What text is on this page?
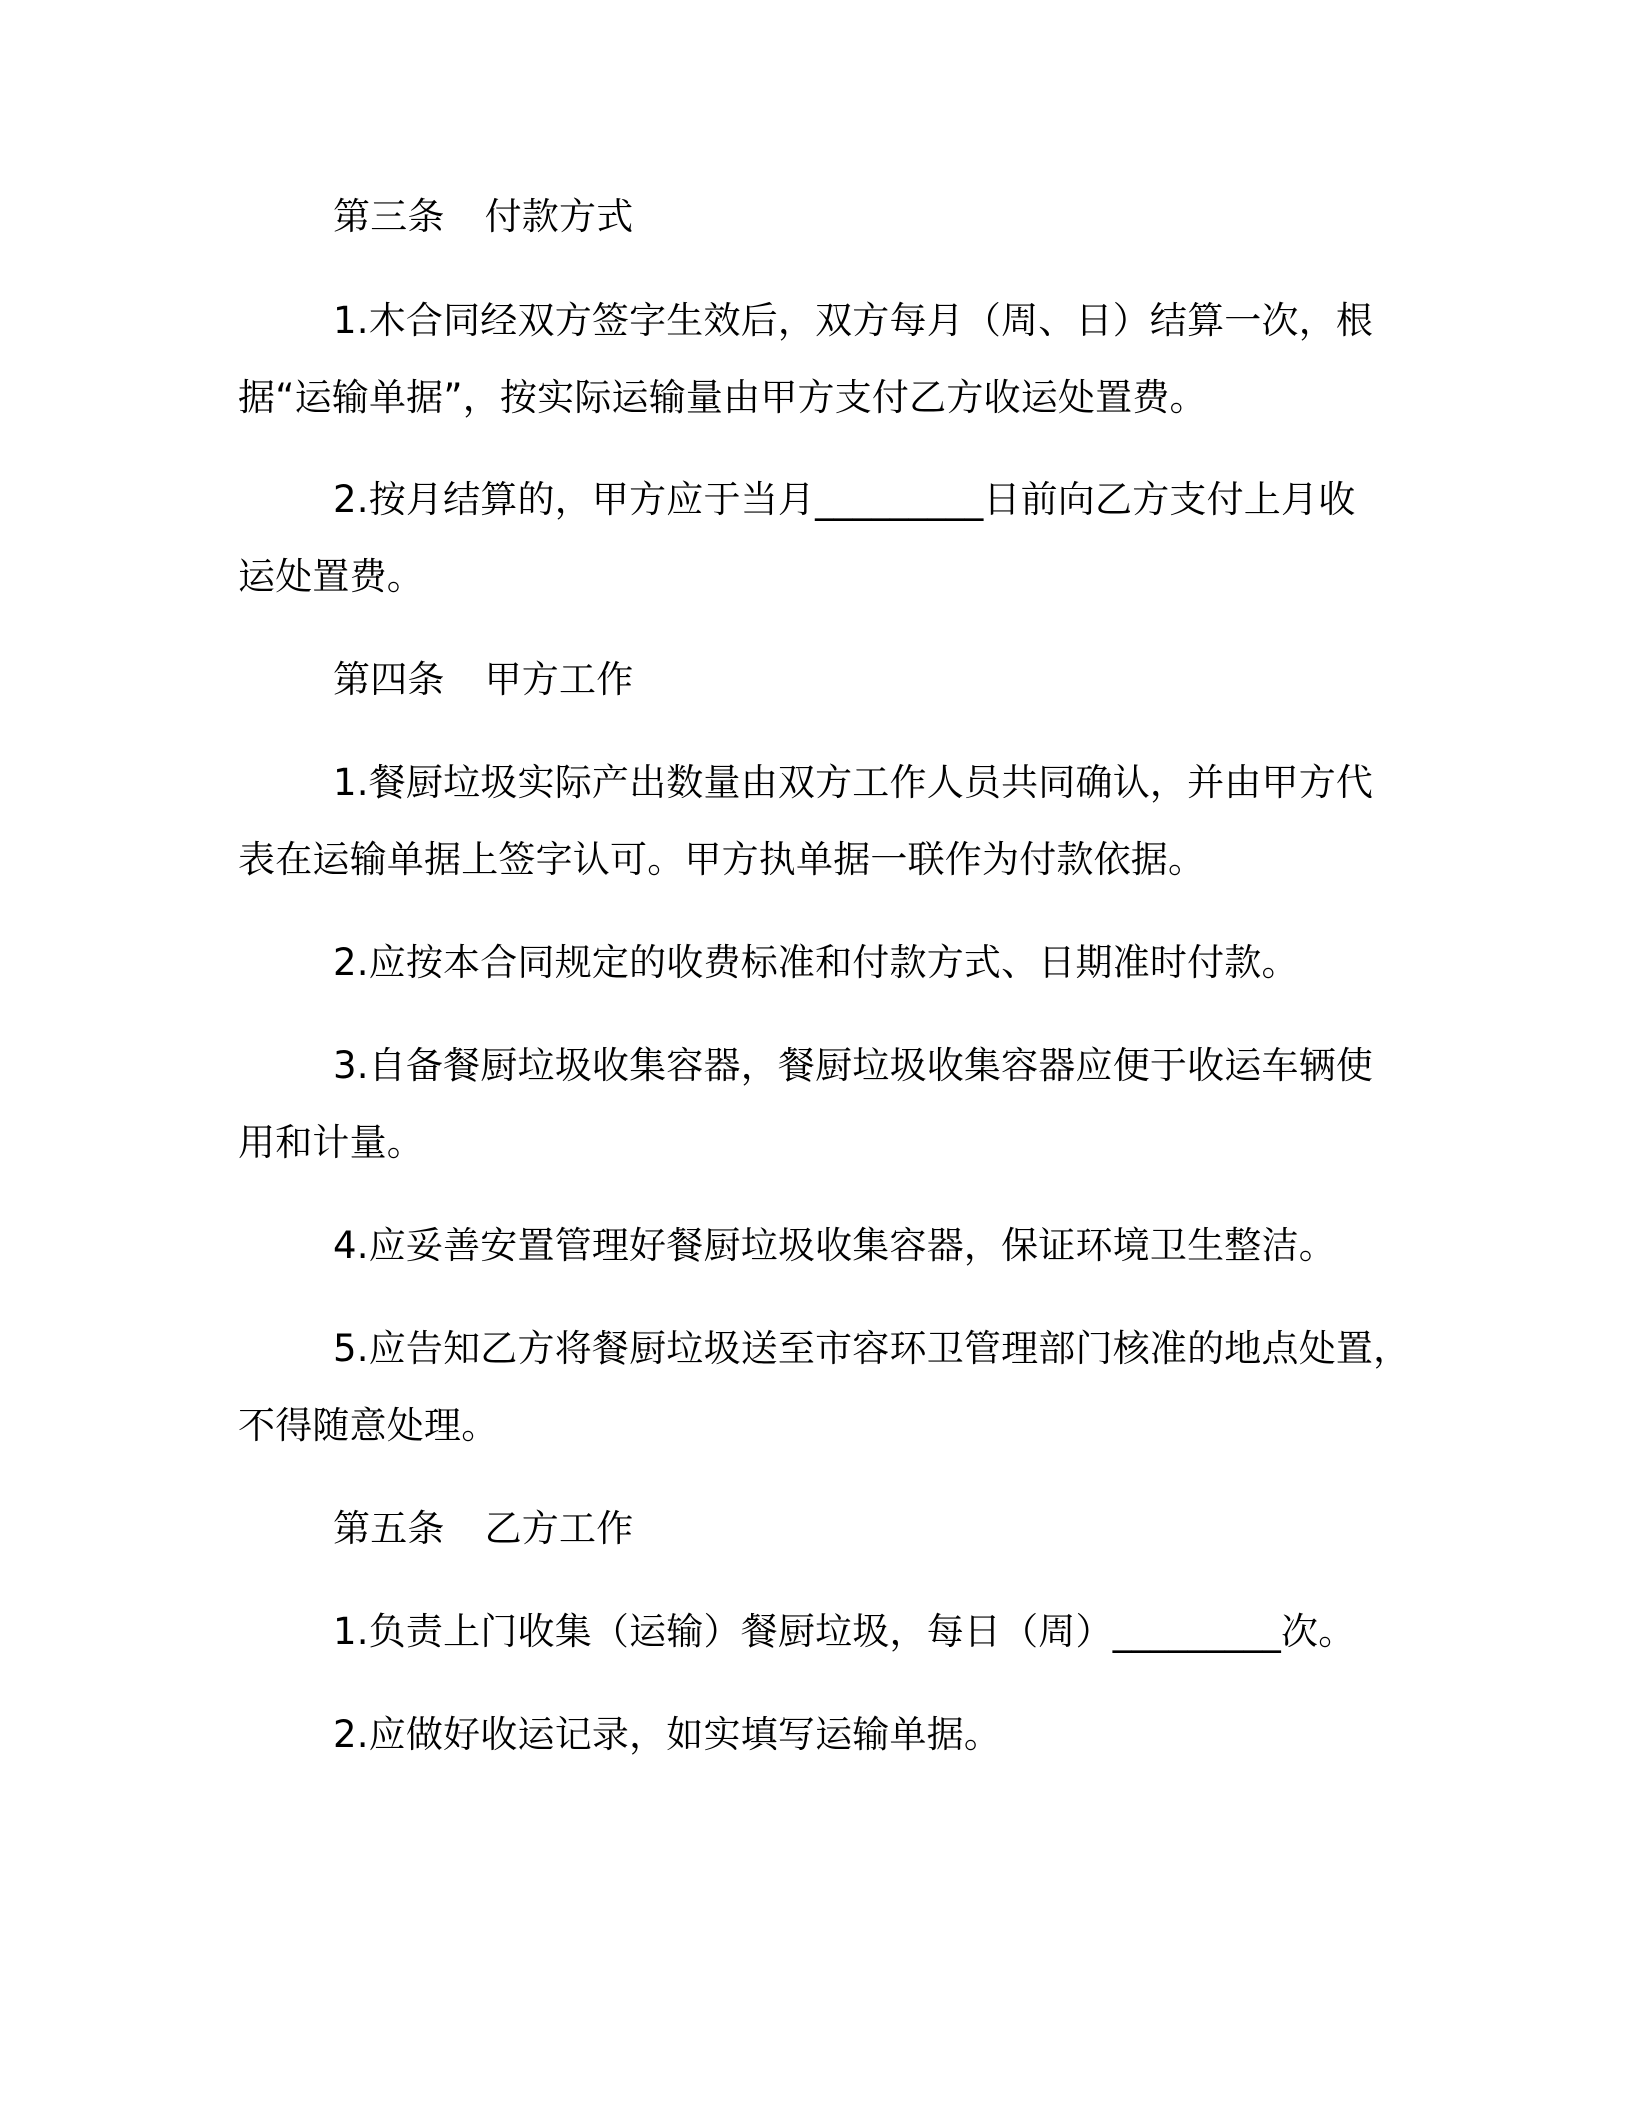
第三条 付款方式
1.木合同经双方签字生效后，双方每月（周、日）结算一次，根
据“运输单据”，按实际运输量由甲方支付乙方收运处置费。
2.按月结算的，甲方应于当月_________日前向乙方支付上月收
运处置费。
第四条 甲方工作
1.餐厨垃圾实际产出数量由双方工作人员共同确认，并由甲方代
表在运输单据上签字认可。甲方执单据一联作为付款依据。
2.应按本合同规定的收费标准和付款方式、日期准时付款。
3.自备餐厨垃圾收集容器，餐厨垃圾收集容器应便于收运车辆使
用和计量。
4.应妥善安置管理好餐厨垃圾收集容器，保证环境卫生整洁。
5.应告知乙方将餐厨垃圾送至市容环卫管理部门核准的地点处置，
不得随意处理。
第五条 乙方工作
1.负责上门收集（运输）餐厨垃圾，每日（周）_________次。
2.应做好收运记录，如实填写运输单据。
